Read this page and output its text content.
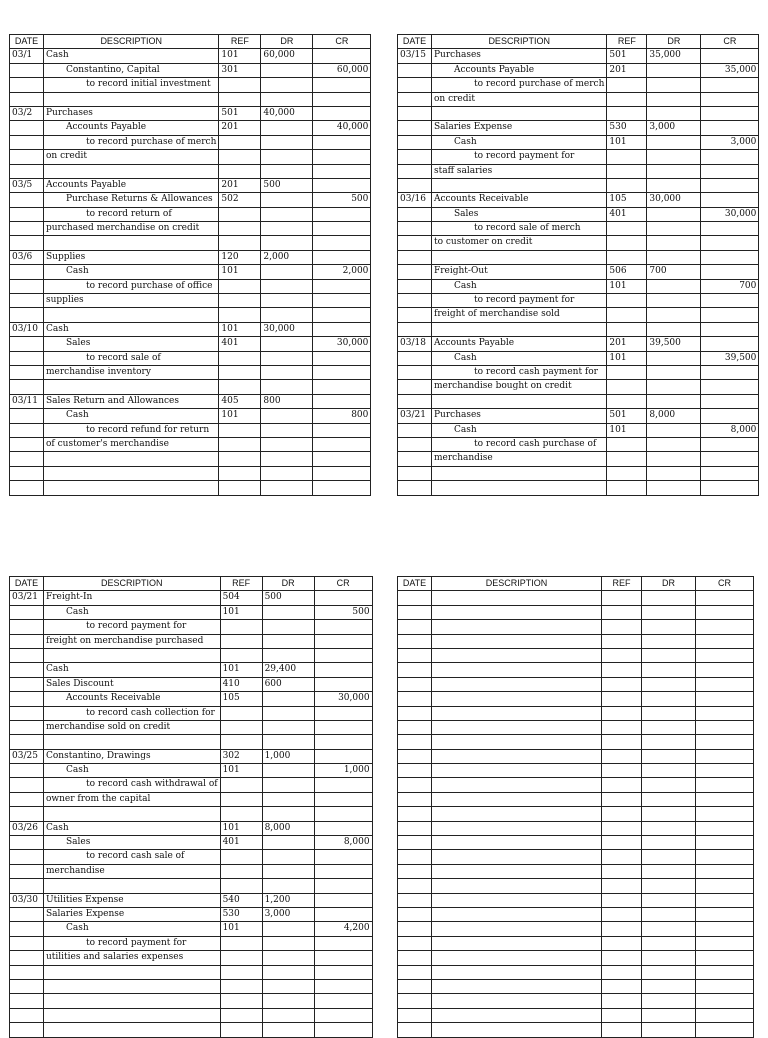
DATE	DESCRIPTION	REF	DR	CR
03/1	Cash	101	60,000	
	Constantino, Capital	301		60,000
	to record initial investment			

03/2	Purchases	501	40,000	
	Accounts Payable	201		40,000
	to record purchase of merch			
	on credit			

03/5	Accounts Payable	201	500	
	Purchase Returns & Allowances	502		500
	to record return of			
	purchased merchandise on credit			

03/6	Supplies	120	2,000	
	Cash	101		2,000
	to record purchase of office			
	supplies			

03/10	Cash	101	30,000	
	Sales	401		30,000
	to record sale of			
	merchandise inventory			

03/11	Sales Return and Allowances	405	800	
	Cash	101		800
	to record refund for return			
	of customer's merchandise			

DATE	DESCRIPTION	REF	DR	CR
03/15	Purchases	501	35,000	
	Accounts Payable	201		35,000
	to record purchase of merch			
	on credit			

	Salaries Expense	530	3,000	
	Cash	101		3,000
	to record payment for			
	staff salaries			

03/16	Accounts Receivable	105	30,000	
	Sales	401		30,000
	to record sale of merch			
	to customer on credit			

	Freight-Out	506	700	
	Cash	101		700
	to record payment for			
	freight of merchandise sold			

03/18	Accounts Payable	201	39,500	
	Cash	101		39,500
	to record cash payment for			
	merchandise bought on credit			

03/21	Purchases	501	8,000	
	Cash	101		8,000
	to record cash purchase of			
	merchandise			

DATE	DESCRIPTION	REF	DR	CR
03/21	Freight-In	504	500	
	Cash	101		500
	to record payment for			
	freight on merchandise purchased			

	Cash	101	29,400	
	Sales Discount	410	600	
	Accounts Receivable	105		30,000
	to record cash collection for			
	merchandise sold on credit			

03/25	Constantino, Drawings	302	1,000	
	Cash	101		1,000
	to record cash withdrawal of			
	owner from the capital			

03/26	Cash	101	8,000	
	Sales	401		8,000
	to record cash sale of			
	merchandise			

03/30	Utilities Expense	540	1,200	
	Salaries Expense	530	3,000	
	Cash	101		4,200
	to record payment for			
	utilities and salaries expenses			

DATE	DESCRIPTION	REF	DR	CR
